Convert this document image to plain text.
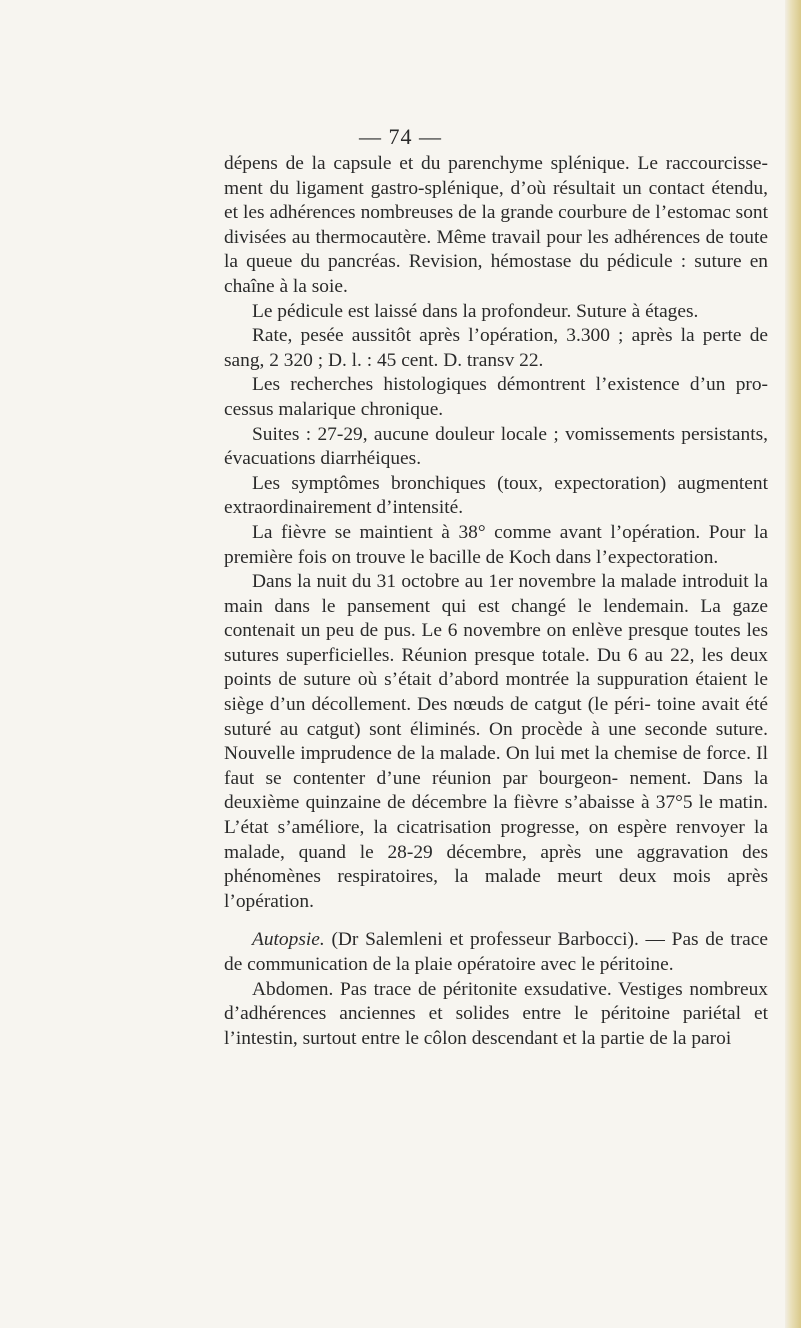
— 74 —

dépens de la capsule et du parenchyme splénique. Le raccourcisse- ment du ligament gastro-splénique, d’où résultait un contact étendu, et les adhérences nombreuses de la grande courbure de l’estomac sont divisées au thermocautère. Même travail pour les adhérences de toute la queue du pancréas. Revision, hémostase du pédicule : suture en chaîne à la soie.

Le pédicule est laissé dans la profondeur. Suture à étages.

Rate, pesée aussitôt après l’opération, 3.300 ; après la perte de sang, 2 320 ; D. l. : 45 cent. D. transv 22.

Les recherches histologiques démontrent l’existence d’un pro- cessus malarique chronique.

Suites : 27-29, aucune douleur locale ; vomissements persistants, évacuations diarrhéiques.

Les symptômes bronchiques (toux, expectoration) augmentent extraordinairement d’intensité.

La fièvre se maintient à 38° comme avant l’opération. Pour la première fois on trouve le bacille de Koch dans l’expectoration.

Dans la nuit du 31 octobre au 1er novembre la malade introduit la main dans le pansement qui est changé le lendemain. La gaze contenait un peu de pus. Le 6 novembre on enlève presque toutes les sutures superficielles. Réunion presque totale. Du 6 au 22, les deux points de suture où s’était d’abord montrée la suppuration étaient le siège d’un décollement. Des nœuds de catgut (le péri- toine avait été suturé au catgut) sont éliminés. On procède à une seconde suture. Nouvelle imprudence de la malade. On lui met la chemise de force. Il faut se contenter d’une réunion par bourgeon- nement. Dans la deuxième quinzaine de décembre la fièvre s’abaisse à 37°5 le matin. L’état s’améliore, la cicatrisation progresse, on espère renvoyer la malade, quand le 28-29 décembre, après une aggravation des phénomènes respiratoires, la malade meurt deux mois après l’opération.

Autopsie. (Dr Salemleni et professeur Barbocci). — Pas de trace de communication de la plaie opératoire avec le péritoine.

Abdomen. Pas trace de péritonite exsudative. Vestiges nombreux d’adhérences anciennes et solides entre le péritoine pariétal et l’intestin, surtout entre le côlon descendant et la partie de la paroi
